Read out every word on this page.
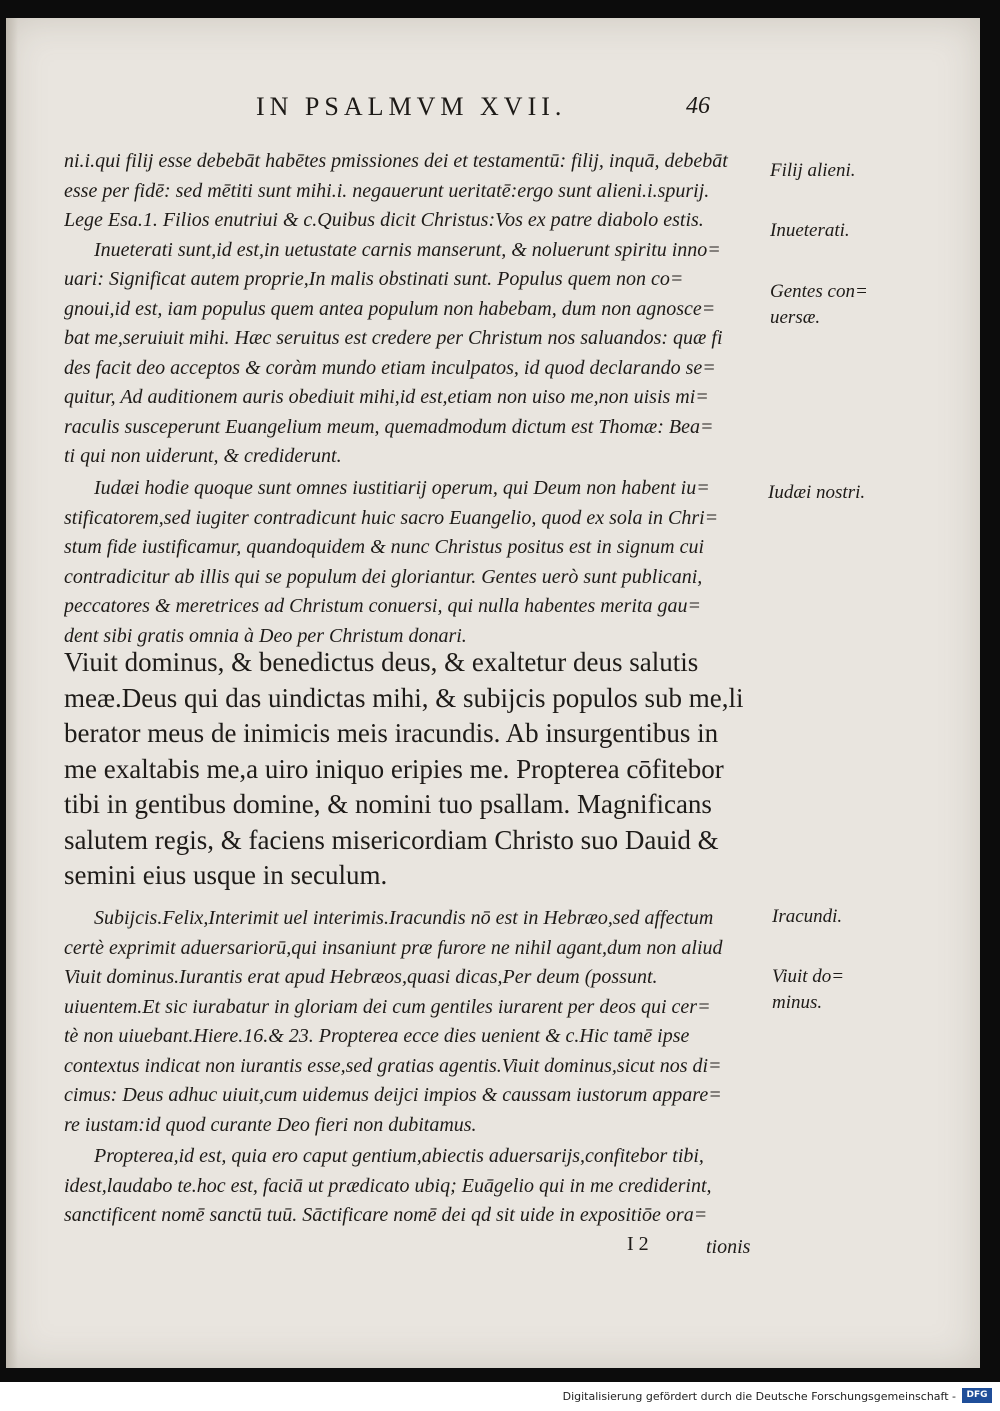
IN PSALMVM XVII.	46

ni.i.qui filij esse debebāt habētes pmissiones dei et testamentū: filij, inquā, debebāt

esse per fidē: sed mētiti sunt mihi.i. negauerunt ueritatē:ergo sunt alieni.i.spurij.

Lege Esa.1. Filios enutriui & c.Quibus dicit Christus:Vos ex patre diabolo estis.

Inueterati sunt,id est,in uetustate carnis manserunt, & noluerunt spiritu inno=

uari: Significat autem proprie,In malis obstinati sunt. Populus quem non co=

gnoui,id est, iam populus quem antea populum non habebam, dum non agnosce=

bat me,seruiuit mihi. Hæc seruitus est credere per Christum nos saluandos: quæ fi

des facit deo acceptos & coràm mundo etiam inculpatos, id quod declarando se=

quitur, Ad auditionem auris obediuit mihi,id est,etiam non uiso me,non uisis mi=

raculis susceperunt Euangelium meum, quemadmodum dictum est Thomæ: Bea=

ti qui non uiderunt, & crediderunt.

Iudæi hodie quoque sunt omnes iustitiarij operum, qui Deum non habent iu=

stificatorem,sed iugiter contradicunt huic sacro Euangelio, quod ex sola in Chri=

stum fide iustificamur, quandoquidem & nunc Christus positus est in signum cui

contradicitur ab illis qui se populum dei gloriantur. Gentes uerò sunt publicani,

peccatores & meretrices ad Christum conuersi, qui nulla habentes merita gau=

dent sibi gratis omnia à Deo per Christum donari.

Viuit dominus, & benedictus deus, & exaltetur deus salutis

meæ.Deus qui das uindictas mihi, & subijcis populos sub me,li

berator meus de inimicis meis iracundis. Ab insurgentibus in

me exaltabis me,a uiro iniquo eripies me. Propterea cōfitebor

tibi in gentibus domine, & nomini tuo psallam. Magnificans

salutem regis, & faciens misericordiam Christo suo Dauid &

semini eius usque in seculum.

Subijcis.Felix,Interimit uel interimis.Iracundis nō est in Hebræo,sed affectum

certè exprimit aduersariorū,qui insaniunt præ furore ne nihil agant,dum non aliud

Viuit dominus.Iurantis erat apud Hebræos,quasi dicas,Per deum (possunt.

uiuentem.Et sic iurabatur in gloriam dei cum gentiles iurarent per deos qui cer=

tè non uiuebant.Hiere.16.& 23. Propterea ecce dies uenient & c.Hic tamē ipse

contextus indicat non iurantis esse,sed gratias agentis.Viuit dominus,sicut nos di=

cimus: Deus adhuc uiuit,cum uidemus deijci impios & caussam iustorum appare=

re iustam:id quod curante Deo fieri non dubitamus.

Propterea,id est, quia ero caput gentium,abiectis aduersarijs,confitebor tibi,

idest,laudabo te.hoc est, faciā ut prædicato ubiq; Euāgelio qui in me crediderint,

sanctificent nomē sanctū tuū. Sāctificare nomē dei qd sit uide in expositiōe ora=

Filij alieni.
Inueterati.
Gentes con=
uersæ.
Iudæi nostri.
Iracundi.
Viuit do=
minus.
I 2	tionis
Digitalisierung gefördert durch die Deutsche Forschungsgemeinschaft -	DFG
